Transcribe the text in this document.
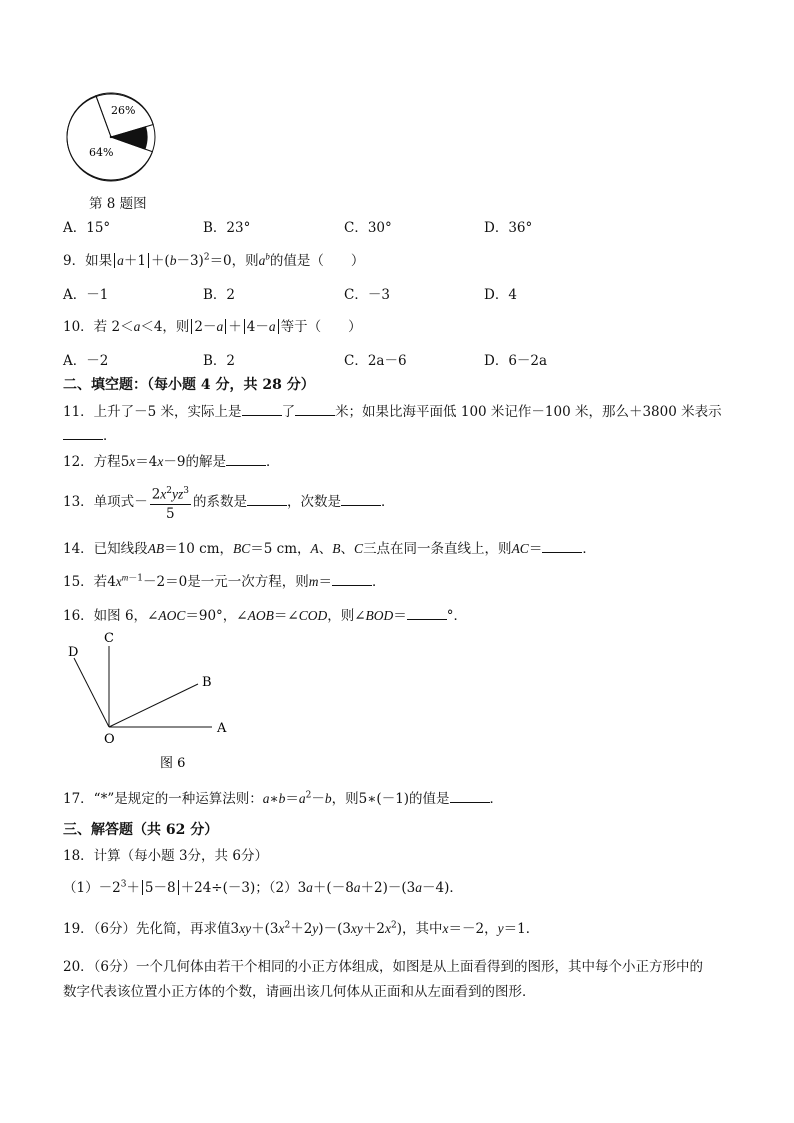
26%
64%
第 8 题图
A．15°	B．23°	C．30°	D．36°
9．如果 $a+1 +(b-3)^2=0$，则$a^b$的值是（　　）
A．－1	B．2	C．－3	D．4
10．若 2＜a＜4，则 2－a ＋ 4－a 等于（　　）
A．－2	B．2	C．2a－6	D．6－2a
二、填空题：（每小题 4 分，共 28 分）
11．上升了－5 米，实际上是	了	米；如果比海平面低 100 米记作－100 米，那么＋3800 米表示
．
12．方程5x＝4x－9的解是	．
13．单项式－ $\frac{2x^2yz^3}{5}$ 的系数是	，次数是	．
14．已知线段AB＝10 cm，BC＝5 cm，A、B、C三点在同一条直线上，则AC＝	．
15．若$4x^{m-1}-2=0$是一元一次方程，则m＝	．
16．如图 6，∠AOC＝90°，∠AOB＝∠COD，则∠BOD＝	°．
C
D
B
A
O
图 6
17．“*”是规定的一种运算法则：$a∗b=a^2-b$，则5∗(－1)的值是	．
三、解答题（共 62 分）
18．计算（每小题 3分，共 6分）
$(1)-2^3+ 5-8 +24\div(-3)$；（2）3a＋(－8a＋2)－(3a－4)．
19．（6分）先化简，再求值$3xy+(3x^2+2y)-(3xy+2x^2)$，其中x＝－2，y＝1．
20．（6分）一个几何体由若干个相同的小正方体组成，如图是从上面看得到的图形，其中每个小正方形中的
数字代表该位置小正方体的个数，请画出该几何体从正面和从左面看到的图形．
